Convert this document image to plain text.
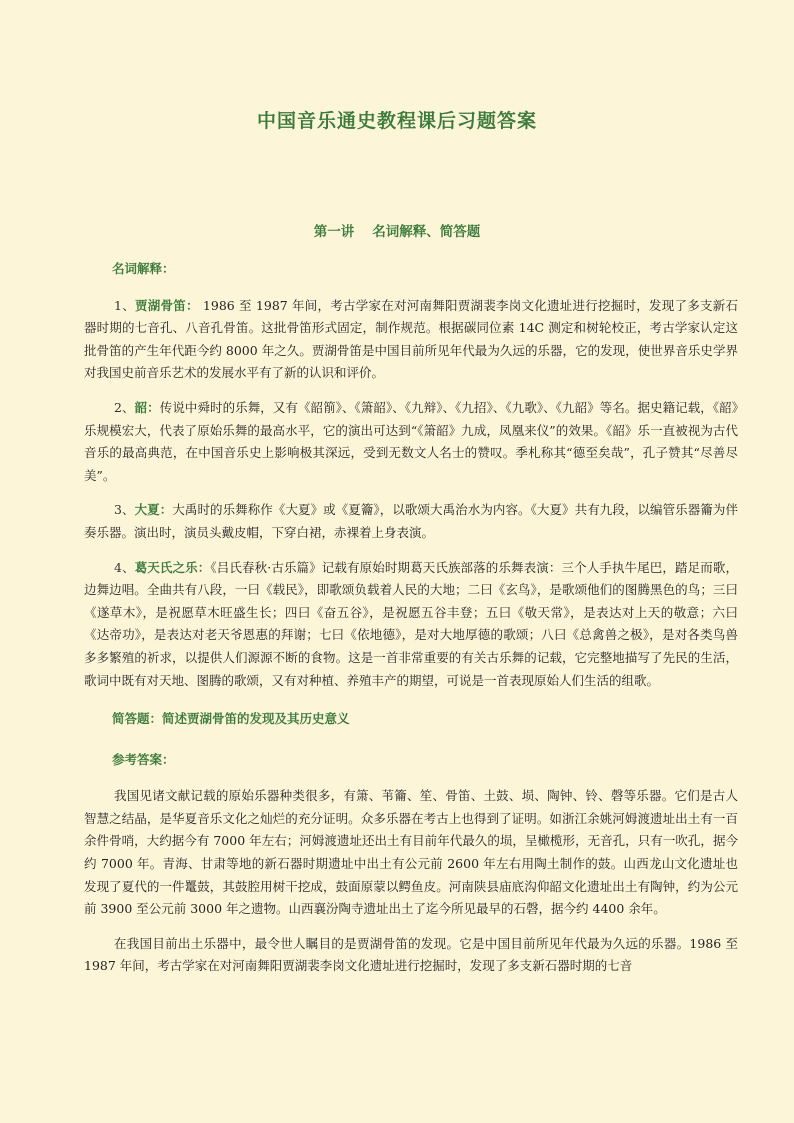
中国音乐通史教程课后习题答案
第一讲 名词解释、简答题
名词解释：

1、贾湖骨笛： 1986 至 1987 年间，考古学家在对河南舞阳贾湖裴李岗文化遗址进行挖掘时，发现了多支新石器时期的七音孔、八音孔骨笛。这批骨笛形式固定，制作规范。根据碳同位素 14C 测定和树轮校正，考古学家认定这批骨笛的产生年代距今约 8000 年之久。贾湖骨笛是中国目前所见年代最为久远的乐器，它的发现，使世界音乐史学界对我国史前音乐艺术的发展水平有了新的认识和评价。

2、韶：传说中舜时的乐舞，又有《韶箾》、《箫韶》、《九辩》、《九招》、《九歌》、《九韶》等名。据史籍记载，《韶》乐规模宏大，代表了原始乐舞的最高水平，它的演出可达到“《箫韶》九成，凤凰来仪”的效果。《韶》乐一直被视为古代音乐的最高典范，在中国音乐史上影响极其深远，受到无数文人名士的赞叹。季札称其“德至矣哉”，孔子赞其“尽善尽美”。

3、大夏：大禹时的乐舞称作《大夏》或《夏籥》，以歌颂大禹治水为内容。《大夏》共有九段，以编管乐器籥为伴奏乐器。演出时，演员头戴皮帽，下穿白裙，赤裸着上身表演。

4、葛天氏之乐：《吕氏春秋·古乐篇》记载有原始时期葛天氏族部落的乐舞表演：三个人手执牛尾巴，踏足而歌，边舞边唱。全曲共有八段，一曰《载民》，即歌颂负载着人民的大地；二曰《玄鸟》，是歌颂他们的图腾黑色的鸟；三曰《遂草木》，是祝愿草木旺盛生长；四曰《奋五谷》，是祝愿五谷丰登；五曰《敬天常》，是表达对上天的敬意；六曰《达帝功》，是表达对老天爷恩惠的拜谢；七曰《依地德》，是对大地厚德的歌颂；八曰《总禽兽之极》，是对各类鸟兽多多繁殖的祈求，以提供人们源源不断的食物。这是一首非常重要的有关古乐舞的记载，它完整地描写了先民的生活，歌词中既有对天地、图腾的歌颂，又有对种植、养殖丰产的期望，可说是一首表现原始人们生活的组歌。

简答题：简述贾湖骨笛的发现及其历史意义
参考答案：

我国见诸文献记载的原始乐器种类很多，有箫、苇籥、笙、骨笛、土鼓、埙、陶钟、铃、磬等乐器。它们是古人智慧之结晶，是华夏音乐文化之灿烂的充分证明。众多乐器在考古上也得到了证明。如浙江余姚河姆渡遗址出土有一百余件骨哨，大约据今有 7000 年左右；河姆渡遗址还出土有目前年代最久的埙，呈橄榄形，无音孔，只有一吹孔，据今约 7000 年。青海、甘肃等地的新石器时期遗址中出土有公元前 2600 年左右用陶土制作的鼓。山西龙山文化遗址也发现了夏代的一件鼍鼓，其鼓腔用树干挖成，鼓面原蒙以鳄鱼皮。河南陕县庙底沟仰韶文化遗址出土有陶钟，约为公元前 3900 至公元前 3000 年之遗物。山西襄汾陶寺遗址出土了迄今所见最早的石磬，据今约 4400 余年。

在我国目前出土乐器中，最令世人瞩目的是贾湖骨笛的发现。它是中国目前所见年代最为久远的乐器。1986 至 1987 年间，考古学家在对河南舞阳贾湖裴李岗文化遗址进行挖掘时，发现了多支新石器时期的七音
